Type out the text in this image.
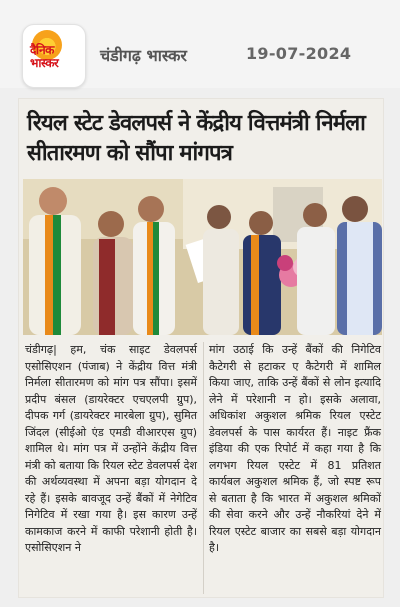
दैनिक भास्कर	चंडीगढ़ भास्कर	19-07-2024
रियल स्टेट डेवलपर्स ने केंद्रीय वित्तमंत्री निर्मला सीतारमण को सौंपा मांगपत्र

चंडीगढ़| हम, चंक साइट डेवलपर्स एसोसिएशन (पंजाब) ने केंद्रीय वित्त मंत्री निर्मला सीतारमण को मांग पत्र सौंपा। इसमें प्रदीप बंसल (डायरेक्टर एचएलपी ग्रुप), दीपक गर्ग (डायरेक्टर मारबेला ग्रुप), सुमित जिंदल (सीईओ एंड एमडी वीआरएस ग्रुप) शामिल थे। मांग पत्र में उन्होंने केंद्रीय वित्त मंत्री को बताया कि रियल स्टेट डेवलपर्स देश की अर्थव्यवस्था में अपना बड़ा योगदान दे रहे हैं। इसके बावजूद उन्हें बैंकों में नेगेटिव निगेटिव में रखा गया है। इस कारण उन्हें कामकाज करने में काफी परेशानी होती है। एसोसिएशन ने

मांग उठाई कि उन्हें बैंकों की निगेटिव कैटेगरी से हटाकर ए कैटेगरी में शामिल किया जाए, ताकि उन्हें बैंकों से लोन इत्यादि लेने में परेशानी न हो। इसके अलावा, अधिकांश अकुशल श्रमिक रियल एस्टेट डेवलपर्स के पास कार्यरत हैं। नाइट फ्रैंक इंडिया की एक रिपोर्ट में कहा गया है कि लगभग रियल एस्टेट में 81 प्रतिशत कार्यबल अकुशल श्रमिक हैं, जो स्पष्ट रूप से बताता है कि भारत में अकुशल श्रमिकों की सेवा करने और उन्हें नौकरियां देने में रियल एस्टेट बाजार का सबसे बड़ा योगदान है।
